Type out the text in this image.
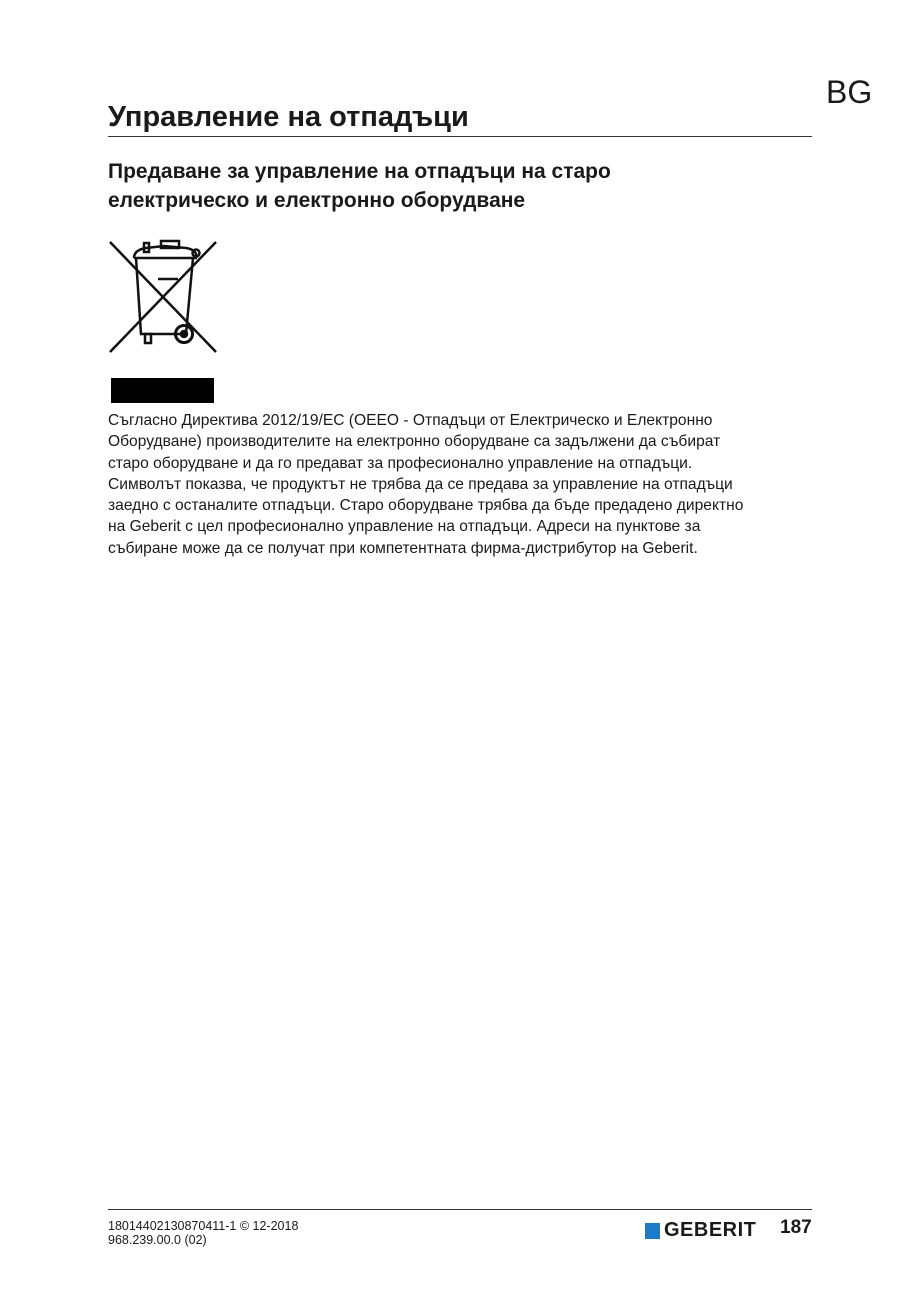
BG
Управление на отпадъци
Предаване за управление на отпадъци на старо
електрическо и електронно оборудване
Съгласно Директива 2012/19/ЕС (ОЕЕО - Отпадъци от Електрическо и Електронно
Оборудване) производителите на електронно оборудване са задължени да събират
старо оборудване и да го предават за професионално управление на отпадъци.
Символът показва, че продуктът не трябва да се предава за управление на отпадъци
заедно с останалите отпадъци. Старо оборудване трябва да бъде предадено директно
на Geberit с цел професионално управление на отпадъци. Адреси на пунктове за
събиране може да се получат при компетентната фирма-дистрибутор на Geberit.
18014402130870411-1 © 12-2018
968.239.00.0 (02)	GEBERIT 187
